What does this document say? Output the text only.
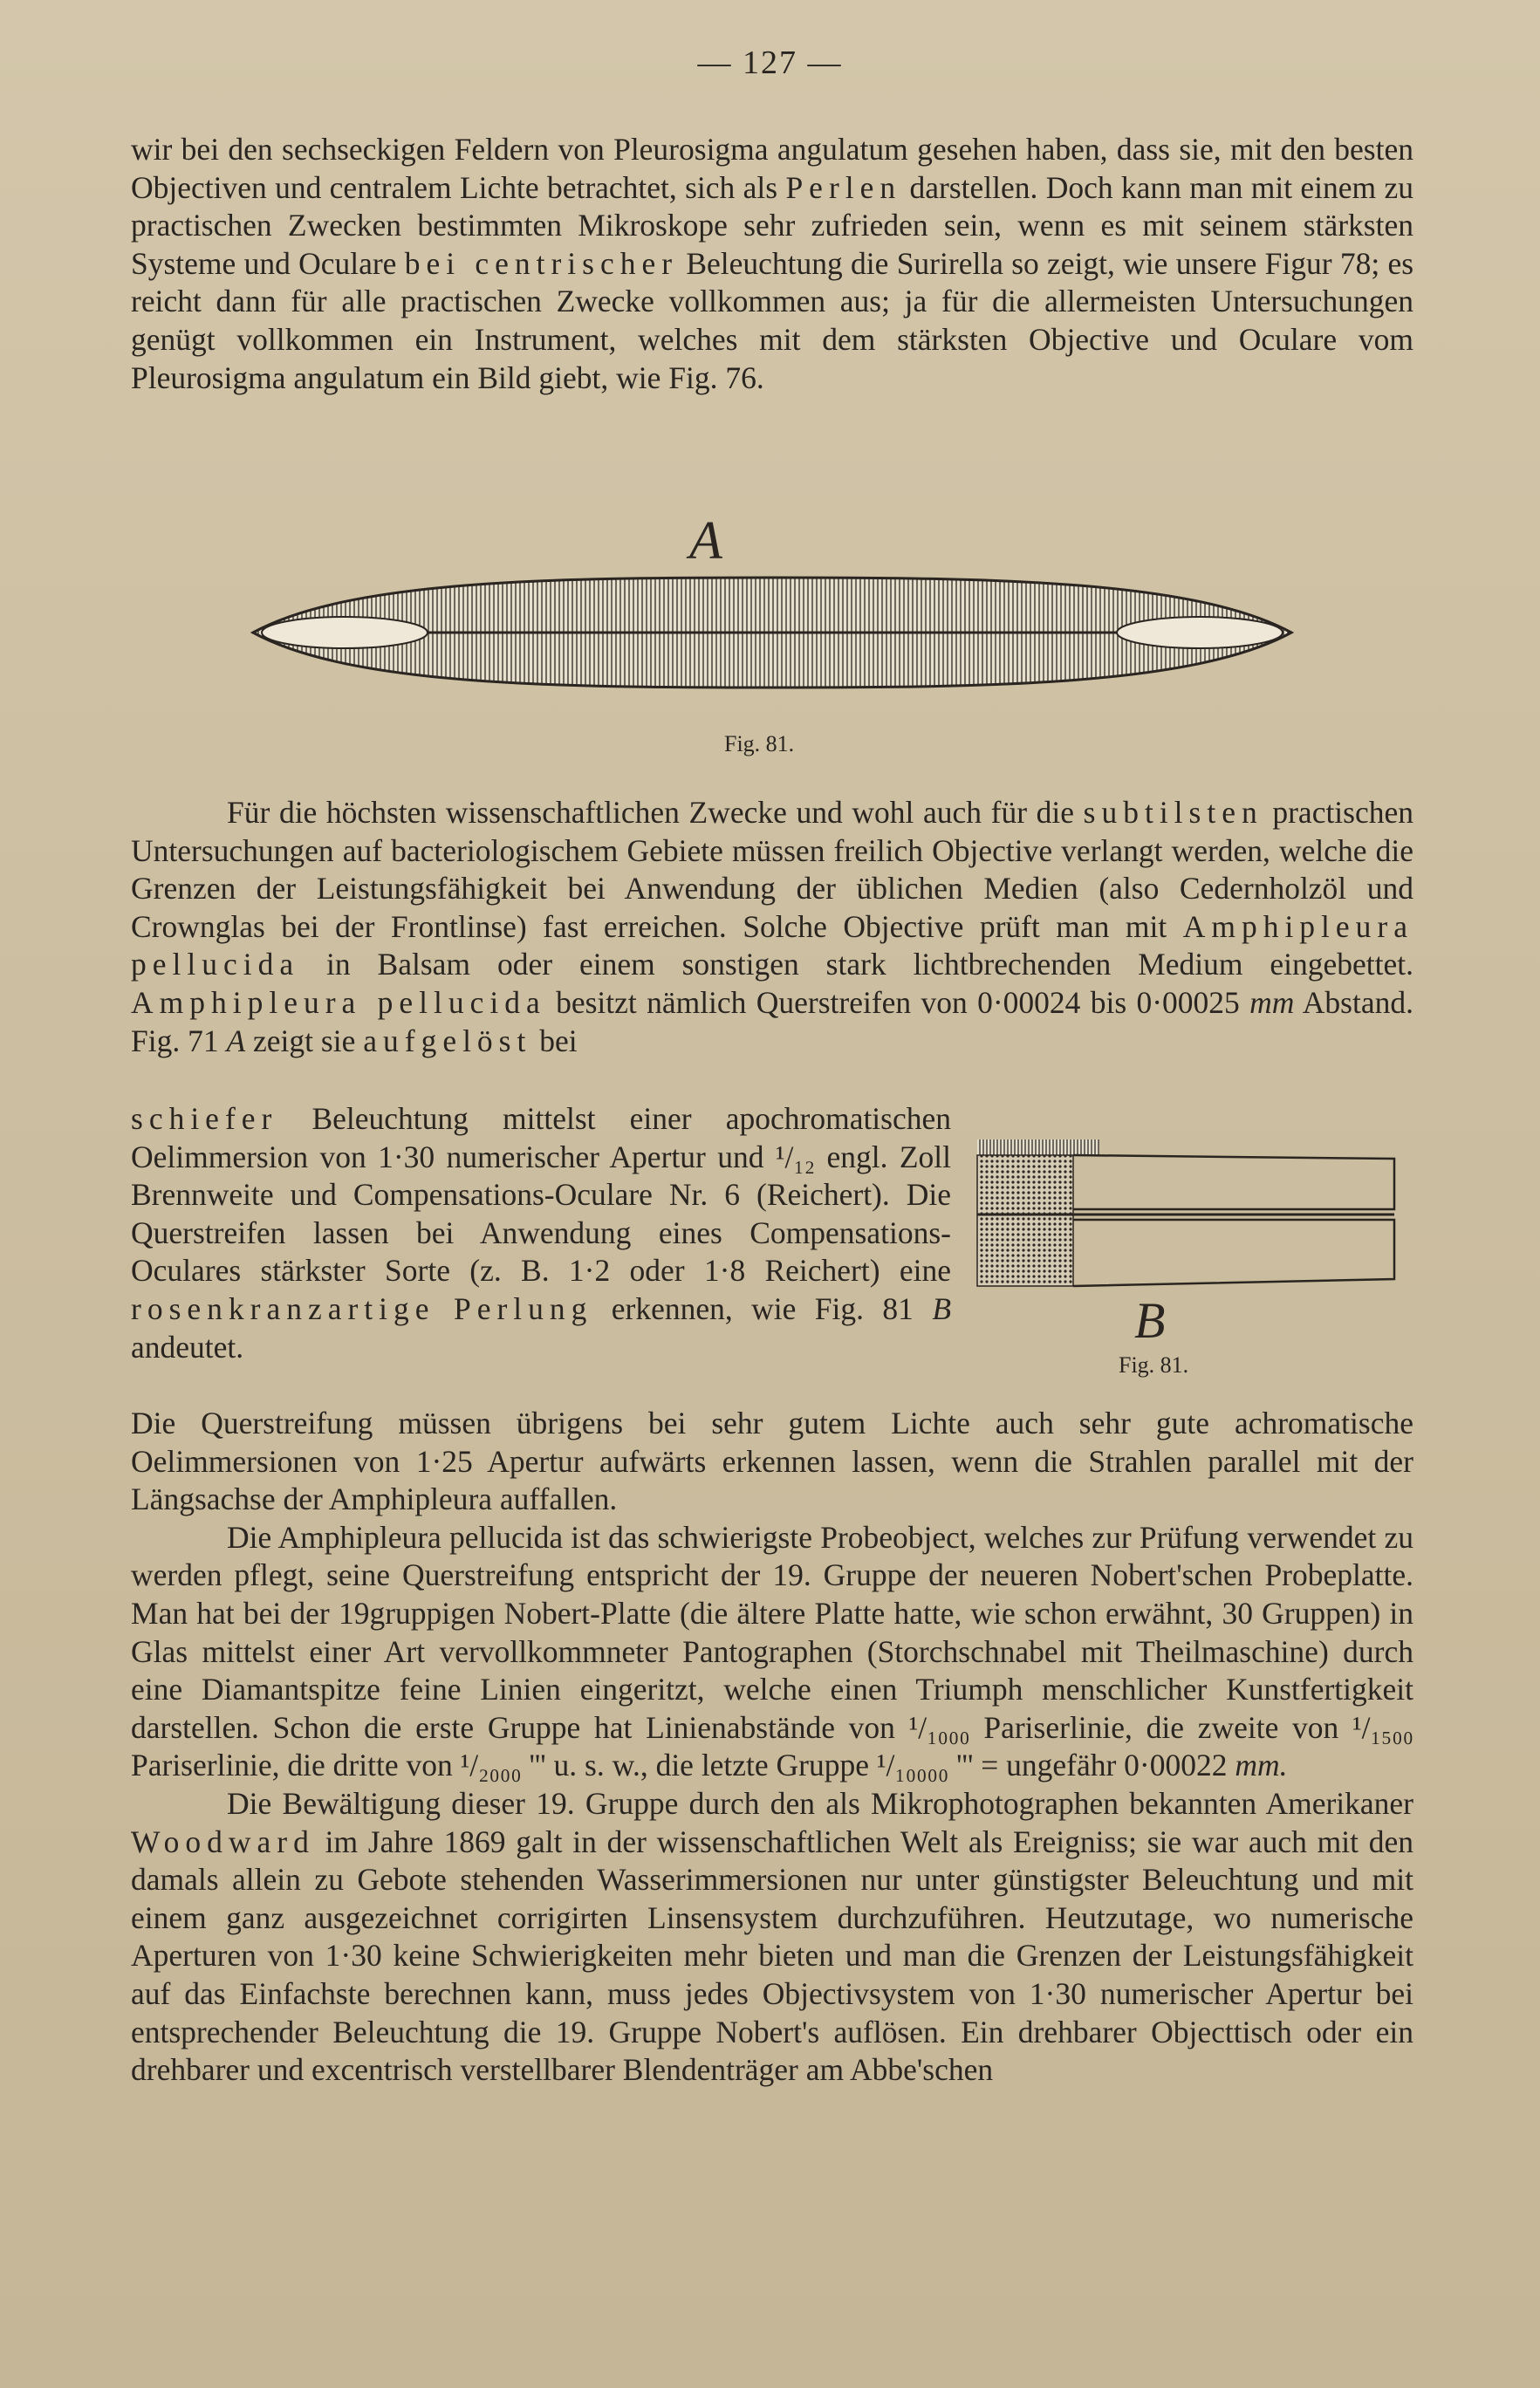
— 127 —

wir bei den sechseckigen Feldern von Pleurosigma angulatum gesehen haben, dass sie, mit den besten Objectiven und centralem Lichte betrachtet, sich als Perlen darstellen. Doch kann man mit einem zu practischen Zwecken bestimmten Mikroskope sehr zufrieden sein, wenn es mit seinem stärksten Systeme und Oculare bei centrischer Beleuchtung die Surirella so zeigt, wie unsere Figur 78; es reicht dann für alle practischen Zwecke vollkommen aus; ja für die allermeisten Untersuchungen genügt vollkommen ein Instrument, welches mit dem stärksten Objective und Oculare vom Pleurosigma angulatum ein Bild giebt, wie Fig. 76.

A
Fig. 81.

Für die höchsten wissenschaftlichen Zwecke und wohl auch für die subtilsten practischen Untersuchungen auf bacteriologischem Gebiete müssen freilich Objective verlangt werden, welche die Grenzen der Leistungsfähigkeit bei Anwendung der üblichen Medien (also Cedernholzöl und Crownglas bei der Frontlinse) fast erreichen. Solche Objective prüft man mit Amphipleura pellucida in Balsam oder einem sonstigen stark lichtbrechenden Medium eingebettet. Amphipleura pellucida besitzt nämlich Querstreifen von 0·00024 bis 0·00025 mm Abstand. Fig. 71 A zeigt sie aufgelöst bei

schiefer Beleuchtung mittelst einer apochromatischen Oelimmersion von 1·30 numerischer Apertur und ¹/₁₂ engl. Zoll Brennweite und Compensations-Oculare Nr. 6 (Reichert). Die Querstreifen lassen bei Anwendung eines Compensations-Oculares stärkster Sorte (z. B. 1·2 oder 1·8 Reichert) eine rosenkranzartige Perlung erkennen, wie Fig. 81 B andeutet.	B
Fig. 81.

Die Querstreifung müssen übrigens bei sehr gutem Lichte auch sehr gute achromatische Oelimmersionen von 1·25 Apertur aufwärts erkennen lassen, wenn die Strahlen parallel mit der Längsachse der Amphipleura auffallen.

Die Amphipleura pellucida ist das schwierigste Probeobject, welches zur Prüfung verwendet zu werden pflegt, seine Querstreifung entspricht der 19. Gruppe der neueren Nobert'schen Probeplatte. Man hat bei der 19gruppigen Nobert-Platte (die ältere Platte hatte, wie schon erwähnt, 30 Gruppen) in Glas mittelst einer Art vervollkommneter Pantographen (Storchschnabel mit Theilmaschine) durch eine Diamantspitze feine Linien eingeritzt, welche einen Triumph menschlicher Kunstfertigkeit darstellen. Schon die erste Gruppe hat Linienabstände von ¹/₁₀₀₀ Pariserlinie, die zweite von ¹/₁₅₀₀ Pariserlinie, die dritte von ¹/₂₀₀₀ ''' u. s. w., die letzte Gruppe ¹/₁₀₀₀₀ ''' = ungefähr 0·00022 mm.

Die Bewältigung dieser 19. Gruppe durch den als Mikrophotographen bekannten Amerikaner Woodward im Jahre 1869 galt in der wissenschaftlichen Welt als Ereigniss; sie war auch mit den damals allein zu Gebote stehenden Wasserimmersionen nur unter günstigster Beleuchtung und mit einem ganz ausgezeichnet corrigirten Linsensystem durchzuführen. Heutzutage, wo numerische Aperturen von 1·30 keine Schwierigkeiten mehr bieten und man die Grenzen der Leistungsfähigkeit auf das Einfachste berechnen kann, muss jedes Objectivsystem von 1·30 numerischer Apertur bei entsprechender Beleuchtung die 19. Gruppe Nobert's auflösen. Ein drehbarer Objecttisch oder ein drehbarer und excentrisch verstellbarer Blendenträger am Abbe'schen
